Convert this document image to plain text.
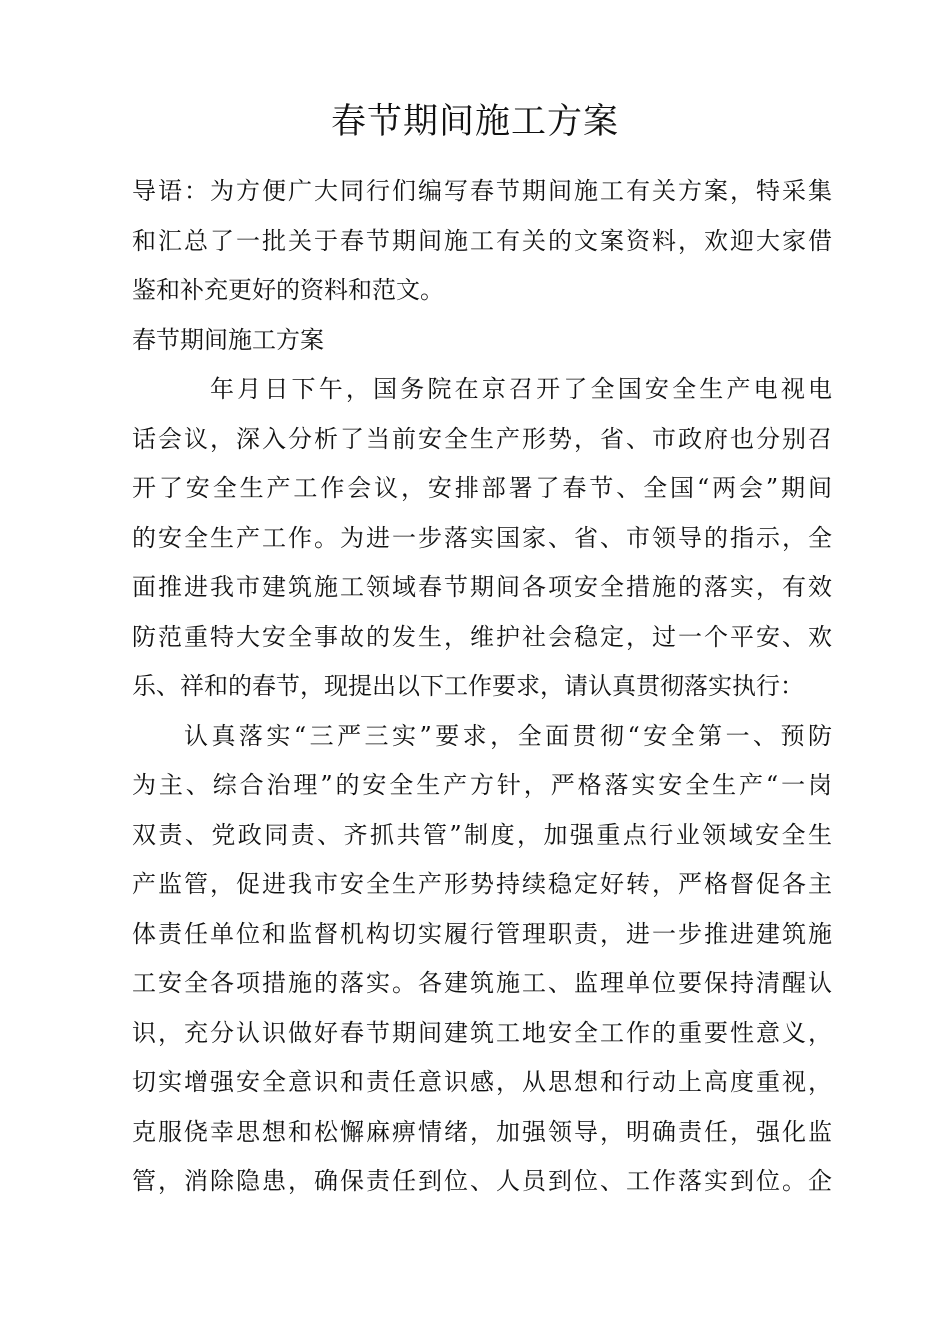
春节期间施工方案
导语：为方便广大同行们编写春节期间施工有关方案，特采集
和汇总了一批关于春节期间施工有关的文案资料，欢迎大家借
鉴和补充更好的资料和范文。
春节期间施工方案
年月日下午，国务院在京召开了全国安全生产电视电
话会议，深入分析了当前安全生产形势，省、市政府也分别召
开了安全生产工作会议，安排部署了春节、全国“两会”期间
的安全生产工作。为进一步落实国家、省、市领导的指示，全
面推进我市建筑施工领域春节期间各项安全措施的落实，有效
防范重特大安全事故的发生，维护社会稳定，过一个平安、欢
乐、祥和的春节，现提出以下工作要求，请认真贯彻落实执行：
认真落实“三严三实”要求，全面贯彻“安全第一、预防
为主、综合治理”的安全生产方针，严格落实安全生产“一岗
双责、党政同责、齐抓共管”制度，加强重点行业领域安全生
产监管，促进我市安全生产形势持续稳定好转，严格督促各主
体责任单位和监督机构切实履行管理职责，进一步推进建筑施
工安全各项措施的落实。各建筑施工、监理单位要保持清醒认
识，充分认识做好春节期间建筑工地安全工作的重要性意义，
切实增强安全意识和责任意识感，从思想和行动上高度重视，
克服侥幸思想和松懈麻痹情绪，加强领导，明确责任，强化监
管，消除隐患，确保责任到位、人员到位、工作落实到位。企
